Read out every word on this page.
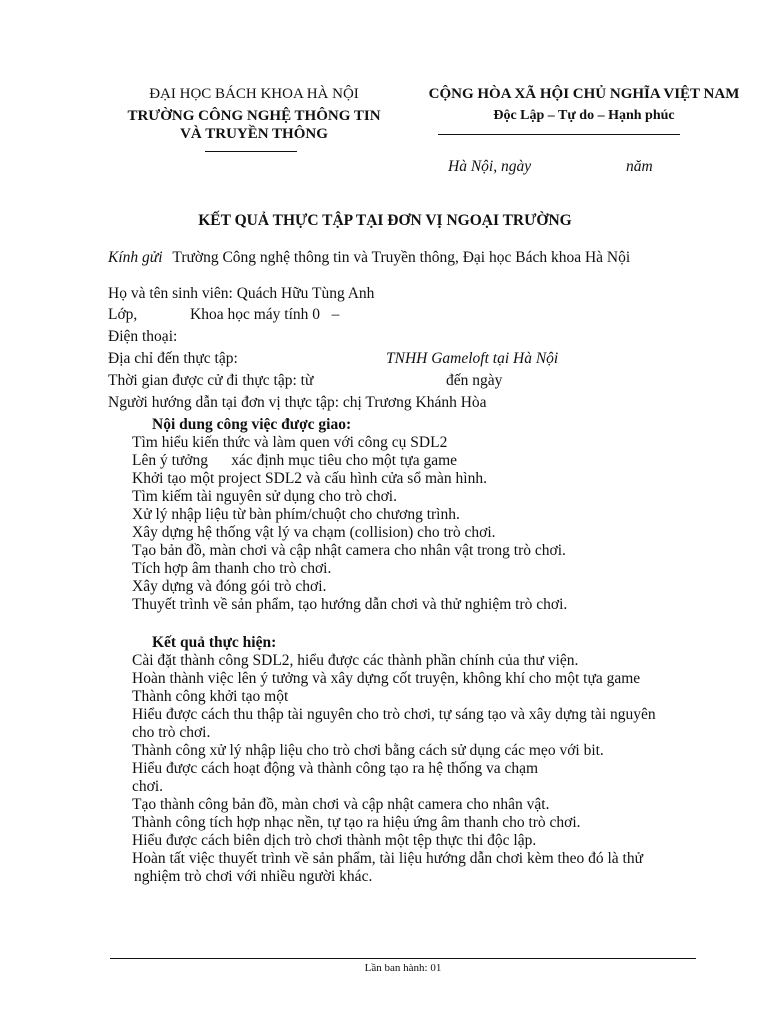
ĐẠI HỌC BÁCH KHOA HÀ NỘI
TRƯỜNG CÔNG NGHỆ THÔNG TIN
VÀ TRUYỀN THÔNG
CỘNG HÒA XÃ HỘI CHỦ NGHĨA VIỆT NAM
Độc Lập – Tự do – Hạnh phúc
Hà Nội, ngày	năm
KẾT QUẢ THỰC TẬP TẠI ĐƠN VỊ NGOẠI TRƯỜNG
Kính gửi Trường Công nghệ thông tin và Truyền thông, Đại học Bách khoa Hà Nội
Họ và tên sinh viên: Quách Hữu Tùng Anh
Lớp,	Khoa học máy tính 0   –
Điện thoại:
Địa chỉ đến thực tập:	TNHH Gameloft tại Hà Nội
Thời gian được cử đi thực tập: từ	đến ngày
Người hướng dẫn tại đơn vị thực tập: chị Trương Khánh Hòa
Nội dung công việc được giao:
Tìm hiểu kiến thức và làm quen với công cụ SDL2
Lên ý tưởng      xác định mục tiêu cho một tựa game
Khởi tạo một project SDL2 và cấu hình cửa sổ màn hình.
Tìm kiếm tài nguyên sử dụng cho trò chơi.
Xử lý nhập liệu từ bàn phím/chuột cho chương trình.
Xây dựng hệ thống vật lý va chạm (collision) cho trò chơi.
Tạo bản đồ, màn chơi và cập nhật camera cho nhân vật trong trò chơi.
Tích hợp âm thanh cho trò chơi.
Xây dựng và đóng gói trò chơi.
Thuyết trình về sản phẩm, tạo hướng dẫn chơi và thử nghiệm trò chơi.
Kết quả thực hiện:
Cài đặt thành công SDL2, hiểu được các thành phần chính của thư viện.
Hoàn thành việc lên ý tưởng và xây dựng cốt truyện, không khí cho một tựa game
Thành công khởi tạo một
Hiểu được cách thu thập tài nguyên cho trò chơi, tự sáng tạo và xây dựng tài nguyên
cho trò chơi.
Thành công xử lý nhập liệu cho trò chơi bằng cách sử dụng các mẹo với bit.
Hiểu được cách hoạt động và thành công tạo ra hệ thống va chạm
chơi.
Tạo thành công bản đồ, màn chơi và cập nhật camera cho nhân vật.
Thành công tích hợp nhạc nền, tự tạo ra hiệu ứng âm thanh cho trò chơi.
Hiểu được cách biên dịch trò chơi thành một tệp thực thi độc lập.
Hoàn tất việc thuyết trình về sản phẩm, tài liệu hướng dẫn chơi kèm theo đó là thử
nghiệm trò chơi với nhiều người khác.
Lần ban hành: 01
